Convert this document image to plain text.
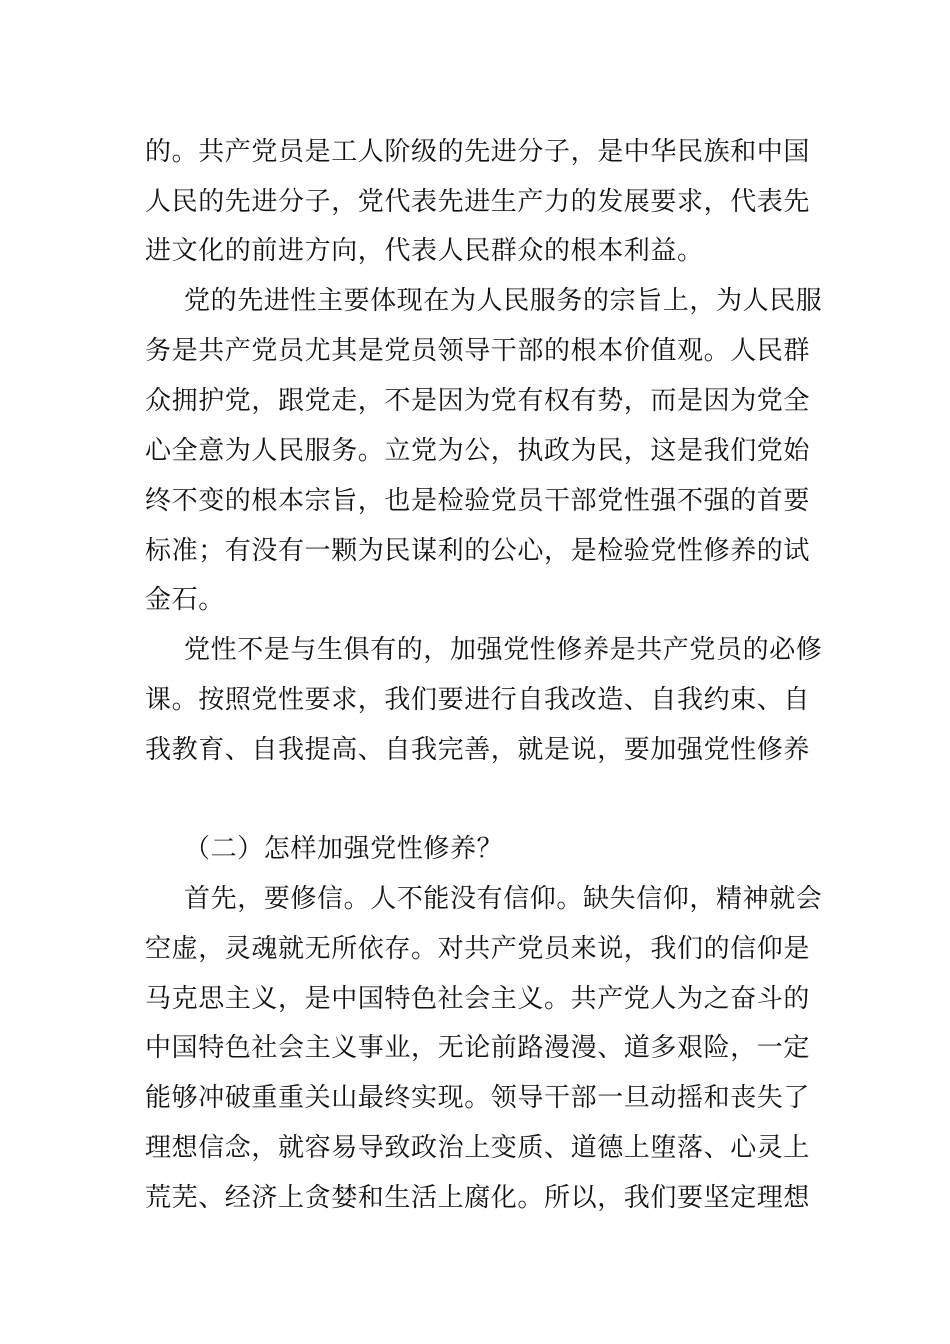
的。共产党员是工人阶级的先进分子，是中华民族和中国

人民的先进分子，党代表先进生产力的发展要求，代表先

进文化的前进方向，代表人民群众的根本利益。

党的先进性主要体现在为人民服务的宗旨上，为人民服

务是共产党员尤其是党员领导干部的根本价值观。人民群

众拥护党，跟党走，不是因为党有权有势，而是因为党全

心全意为人民服务。立党为公，执政为民，这是我们党始

终不变的根本宗旨，也是检验党员干部党性强不强的首要

标准；有没有一颗为民谋利的公心，是检验党性修养的试

金石。

党性不是与生俱有的，加强党性修养是共产党员的必修

课。按照党性要求，我们要进行自我改造、自我约束、自

我教育、自我提高、自我完善，就是说，要加强党性修养

（二）怎样加强党性修养？

首先，要修信。人不能没有信仰。缺失信仰，精神就会

空虚，灵魂就无所依存。对共产党员来说，我们的信仰是

马克思主义，是中国特色社会主义。共产党人为之奋斗的

中国特色社会主义事业，无论前路漫漫、道多艰险，一定

能够冲破重重关山最终实现。领导干部一旦动摇和丧失了

理想信念，就容易导致政治上变质、道德上堕落、心灵上

荒芜、经济上贪婪和生活上腐化。所以，我们要坚定理想
